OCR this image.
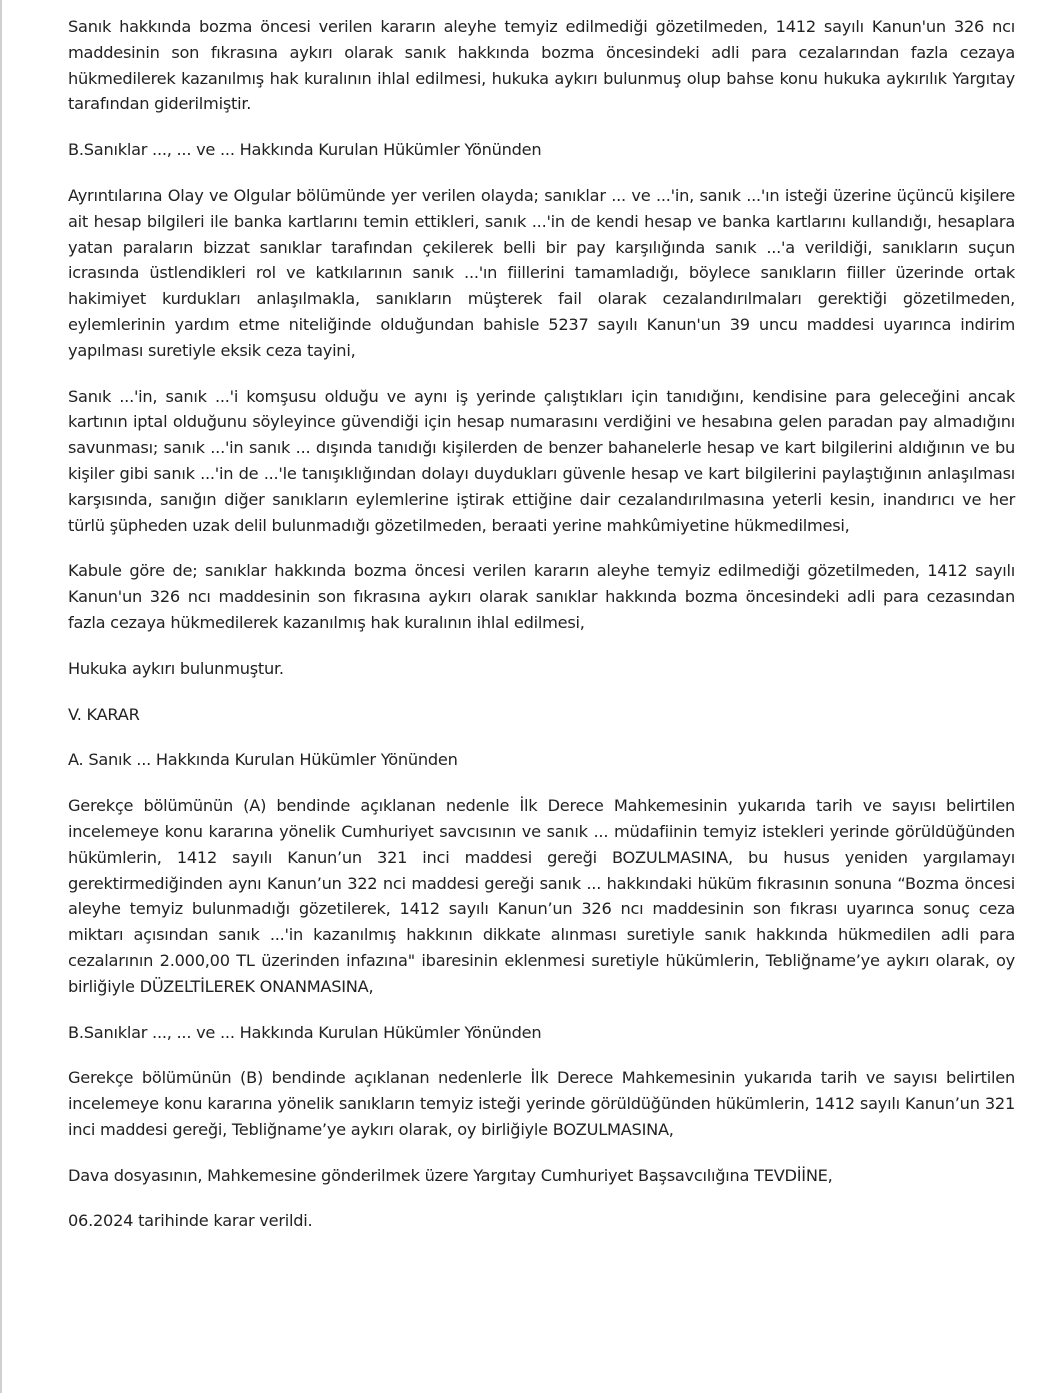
Sanık hakkında bozma öncesi verilen kararın aleyhe temyiz edilmediği gözetilmeden, 1412 sayılı Kanun'un 326 ncı maddesinin son fıkrasına aykırı olarak sanık hakkında bozma öncesindeki adli para cezalarından fazla cezaya hükmedilerek kazanılmış hak kuralının ihlal edilmesi, hukuka aykırı bulunmuş olup bahse konu hukuka aykırılık Yargıtay tarafından giderilmiştir.

B.Sanıklar ..., ... ve ... Hakkında Kurulan Hükümler Yönünden

Ayrıntılarına Olay ve Olgular bölümünde yer verilen olayda; sanıklar ... ve ...'in, sanık ...'ın isteği üzerine üçüncü kişilere ait hesap bilgileri ile banka kartlarını temin ettikleri, sanık ...'in de kendi hesap ve banka kartlarını kullandığı, hesaplara yatan paraların bizzat sanıklar tarafından çekilerek belli bir pay karşılığında sanık ...'a verildiği, sanıkların suçun icrasında üstlendikleri rol ve katkılarının sanık ...'ın fiillerini tamamladığı, böylece sanıkların fiiller üzerinde ortak hakimiyet kurdukları anlaşılmakla, sanıkların müşterek fail olarak cezalandırılmaları gerektiği gözetilmeden, eylemlerinin yardım etme niteliğinde olduğundan bahisle 5237 sayılı Kanun'un 39 uncu maddesi uyarınca indirim yapılması suretiyle eksik ceza tayini,

Sanık ...'in, sanık ...'i komşusu olduğu ve aynı iş yerinde çalıştıkları için tanıdığını, kendisine para geleceğini ancak kartının iptal olduğunu söyleyince güvendiği için hesap numarasını verdiğini ve hesabına gelen paradan pay almadığını savunması; sanık ...'in sanık ... dışında tanıdığı kişilerden de benzer bahanelerle hesap ve kart bilgilerini aldığının ve bu kişiler gibi sanık ...'in de ...'le tanışıklığından dolayı duydukları güvenle hesap ve kart bilgilerini paylaştığının anlaşılması karşısında, sanığın diğer sanıkların eylemlerine iştirak ettiğine dair cezalandırılmasına yeterli kesin, inandırıcı ve her türlü şüpheden uzak delil bulunmadığı gözetilmeden, beraati yerine mahkûmiyetine hükmedilmesi,

Kabule göre de; sanıklar hakkında bozma öncesi verilen kararın aleyhe temyiz edilmediği gözetilmeden, 1412 sayılı Kanun'un 326 ncı maddesinin son fıkrasına aykırı olarak sanıklar hakkında bozma öncesindeki adli para cezasından fazla cezaya hükmedilerek kazanılmış hak kuralının ihlal edilmesi,

Hukuka aykırı bulunmuştur.

V. KARAR

A. Sanık ... Hakkında Kurulan Hükümler Yönünden

Gerekçe bölümünün (A) bendinde açıklanan nedenle İlk Derece Mahkemesinin yukarıda tarih ve sayısı belirtilen incelemeye konu kararına yönelik Cumhuriyet savcısının ve sanık ... müdafiinin temyiz istekleri yerinde görüldüğünden hükümlerin, 1412 sayılı Kanun’un 321 inci maddesi gereği BOZULMASINA, bu husus yeniden yargılamayı gerektirmediğinden aynı Kanun’un 322 nci maddesi gereği sanık ... hakkındaki hüküm fıkrasının sonuna “Bozma öncesi aleyhe temyiz bulunmadığı gözetilerek, 1412 sayılı Kanun’un 326 ncı maddesinin son fıkrası uyarınca sonuç ceza miktarı açısından sanık ...'in kazanılmış hakkının dikkate alınması suretiyle sanık hakkında hükmedilen adli para cezalarının 2.000,00 TL üzerinden infazına" ibaresinin eklenmesi suretiyle hükümlerin, Tebliğname’ye aykırı olarak, oy birliğiyle DÜZELTİLEREK ONANMASINA,

B.Sanıklar ..., ... ve ... Hakkında Kurulan Hükümler Yönünden

Gerekçe bölümünün (B) bendinde açıklanan nedenlerle İlk Derece Mahkemesinin yukarıda tarih ve sayısı belirtilen incelemeye konu kararına yönelik sanıkların temyiz isteği yerinde görüldüğünden hükümlerin, 1412 sayılı Kanun’un 321 inci maddesi gereği, Tebliğname’ye aykırı olarak, oy birliğiyle BOZULMASINA,

Dava dosyasının, Mahkemesine gönderilmek üzere Yargıtay Cumhuriyet Başsavcılığına TEVDİİNE,

06.2024 tarihinde karar verildi.
